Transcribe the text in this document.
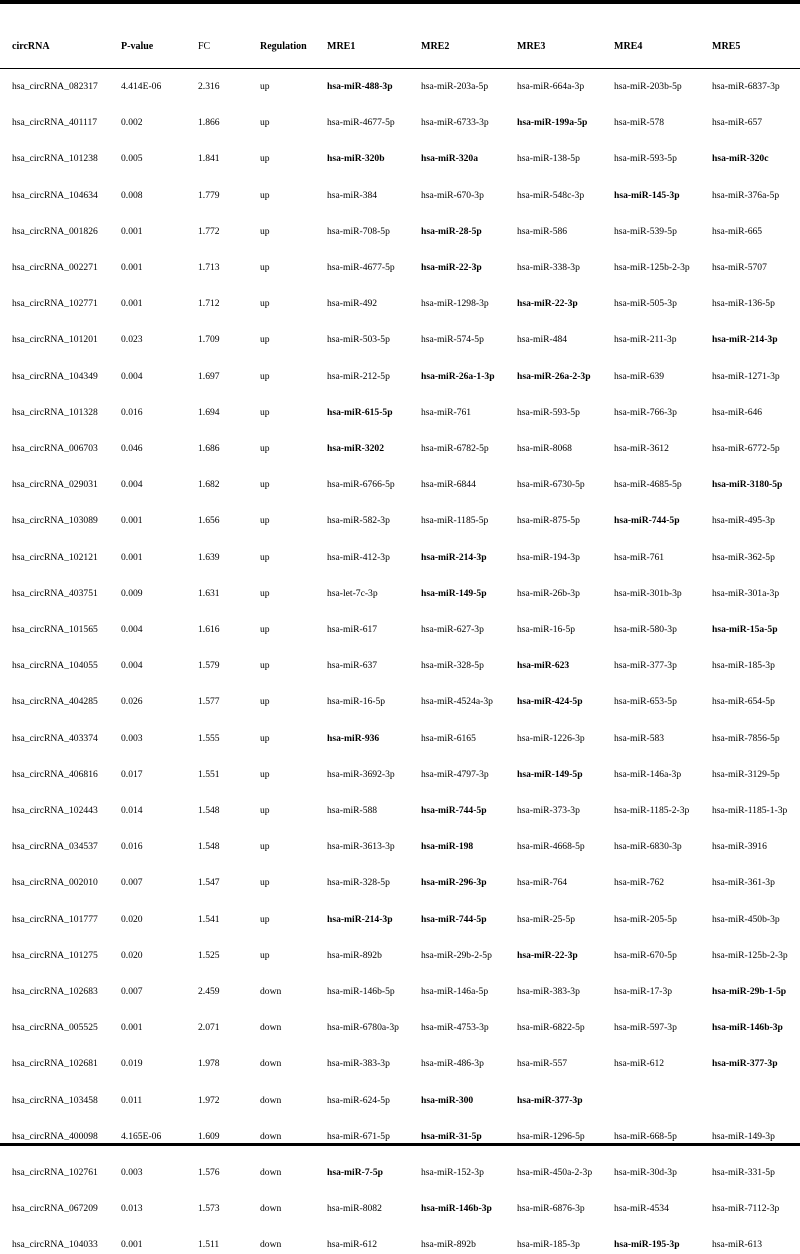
circRNA	P-value	FC	Regulation MRE1	MRE2	MRE3	MRE4	MRE5
hsa_circRNA_082317 4.414E-06	2.316	up	hsa-miR-488-3p	hsa-miR-203a-5p	hsa-miR-664a-3p	hsa-miR-203b-5p	hsa-miR-6837-3p
hsa_circRNA_401117 0.002	1.866	up	hsa-miR-4677-5p	hsa-miR-6733-3p	hsa-miR-199a-5p	hsa-miR-578	hsa-miR-657
hsa_circRNA_101238 0.005	1.841	up	hsa-miR-320b	hsa-miR-320a	hsa-miR-138-5p	hsa-miR-593-5p	hsa-miR-320c
hsa_circRNA_104634 0.008	1.779	up	hsa-miR-384	hsa-miR-670-3p	hsa-miR-548c-3p	hsa-miR-145-3p	hsa-miR-376a-5p
hsa_circRNA_001826 0.001	1.772	up	hsa-miR-708-5p	hsa-miR-28-5p	hsa-miR-586	hsa-miR-539-5p	hsa-miR-665
hsa_circRNA_002271 0.001	1.713	up	hsa-miR-4677-5p	hsa-miR-22-3p	hsa-miR-338-3p	hsa-miR-125b-2-3p hsa-miR-5707
hsa_circRNA_102771 0.001	1.712	up	hsa-miR-492	hsa-miR-1298-3p	hsa-miR-22-3p	hsa-miR-505-3p	hsa-miR-136-5p
hsa_circRNA_101201 0.023	1.709	up	hsa-miR-503-5p	hsa-miR-574-5p	hsa-miR-484	hsa-miR-211-3p	hsa-miR-214-3p
hsa_circRNA_104349 0.004	1.697	up	hsa-miR-212-5p	hsa-miR-26a-1-3p hsa-miR-26a-2-3p hsa-miR-639	hsa-miR-1271-3p
hsa_circRNA_101328 0.016	1.694	up	hsa-miR-615-5p	hsa-miR-761	hsa-miR-593-5p	hsa-miR-766-3p	hsa-miR-646
hsa_circRNA_006703 0.046	1.686	up	hsa-miR-3202	hsa-miR-6782-5p	hsa-miR-8068	hsa-miR-3612	hsa-miR-6772-5p
hsa_circRNA_029031 0.004	1.682	up	hsa-miR-6766-5p	hsa-miR-6844	hsa-miR-6730-5p	hsa-miR-4685-5p	hsa-miR-3180-5p
hsa_circRNA_103089 0.001	1.656	up	hsa-miR-582-3p	hsa-miR-1185-5p	hsa-miR-875-5p	hsa-miR-744-5p	hsa-miR-495-3p
hsa_circRNA_102121 0.001	1.639	up	hsa-miR-412-3p	hsa-miR-214-3p	hsa-miR-194-3p	hsa-miR-761	hsa-miR-362-5p
hsa_circRNA_403751 0.009	1.631	up	hsa-let-7c-3p	hsa-miR-149-5p	hsa-miR-26b-3p	hsa-miR-301b-3p	hsa-miR-301a-3p
hsa_circRNA_101565 0.004	1.616	up	hsa-miR-617	hsa-miR-627-3p	hsa-miR-16-5p	hsa-miR-580-3p	hsa-miR-15a-5p
hsa_circRNA_104055 0.004	1.579	up	hsa-miR-637	hsa-miR-328-5p	hsa-miR-623	hsa-miR-377-3p	hsa-miR-185-3p
hsa_circRNA_404285 0.026	1.577	up	hsa-miR-16-5p	hsa-miR-4524a-3p	hsa-miR-424-5p	hsa-miR-653-5p	hsa-miR-654-5p
hsa_circRNA_403374 0.003	1.555	up	hsa-miR-936	hsa-miR-6165	hsa-miR-1226-3p	hsa-miR-583	hsa-miR-7856-5p
hsa_circRNA_406816 0.017	1.551	up	hsa-miR-3692-3p	hsa-miR-4797-3p	hsa-miR-149-5p	hsa-miR-146a-3p	hsa-miR-3129-5p
hsa_circRNA_102443 0.014	1.548	up	hsa-miR-588	hsa-miR-744-5p	hsa-miR-373-3p	hsa-miR-1185-2-3p hsa-miR-1185-1-3p
hsa_circRNA_034537 0.016	1.548	up	hsa-miR-3613-3p	hsa-miR-198	hsa-miR-4668-5p	hsa-miR-6830-3p	hsa-miR-3916
hsa_circRNA_002010 0.007	1.547	up	hsa-miR-328-5p	hsa-miR-296-3p	hsa-miR-764	hsa-miR-762	hsa-miR-361-3p
hsa_circRNA_101777 0.020	1.541	up	hsa-miR-214-3p	hsa-miR-744-5p	hsa-miR-25-5p	hsa-miR-205-5p	hsa-miR-450b-3p
hsa_circRNA_101275 0.020	1.525	up	hsa-miR-892b	hsa-miR-29b-2-5p	hsa-miR-22-3p	hsa-miR-670-5p	hsa-miR-125b-2-3p
hsa_circRNA_102683 0.007	2.459	down	hsa-miR-146b-5p	hsa-miR-146a-5p	hsa-miR-383-3p	hsa-miR-17-3p	hsa-miR-29b-1-5p
hsa_circRNA_005525 0.001	2.071	down	hsa-miR-6780a-3p hsa-miR-4753-3p	hsa-miR-6822-5p	hsa-miR-597-3p	hsa-miR-146b-3p
hsa_circRNA_102681 0.019	1.978	down	hsa-miR-383-3p	hsa-miR-486-3p	hsa-miR-557	hsa-miR-612	hsa-miR-377-3p
hsa_circRNA_103458 0.011	1.972	down	hsa-miR-624-5p	hsa-miR-300	hsa-miR-377-3p
hsa_circRNA_400098 4.165E-06	1.609	down	hsa-miR-671-5p	hsa-miR-31-5p	hsa-miR-1296-5p	hsa-miR-668-5p	hsa-miR-149-3p
hsa_circRNA_102761 0.003	1.576	down	hsa-miR-7-5p	hsa-miR-152-3p	hsa-miR-450a-2-3p hsa-miR-30d-3p	hsa-miR-331-5p
hsa_circRNA_067209 0.013	1.573	down	hsa-miR-8082	hsa-miR-146b-3p	hsa-miR-6876-3p	hsa-miR-4534	hsa-miR-7112-3p
hsa_circRNA_104033 0.001	1.511	down	hsa-miR-612	hsa-miR-892b	hsa-miR-185-3p	hsa-miR-195-3p	hsa-miR-613
